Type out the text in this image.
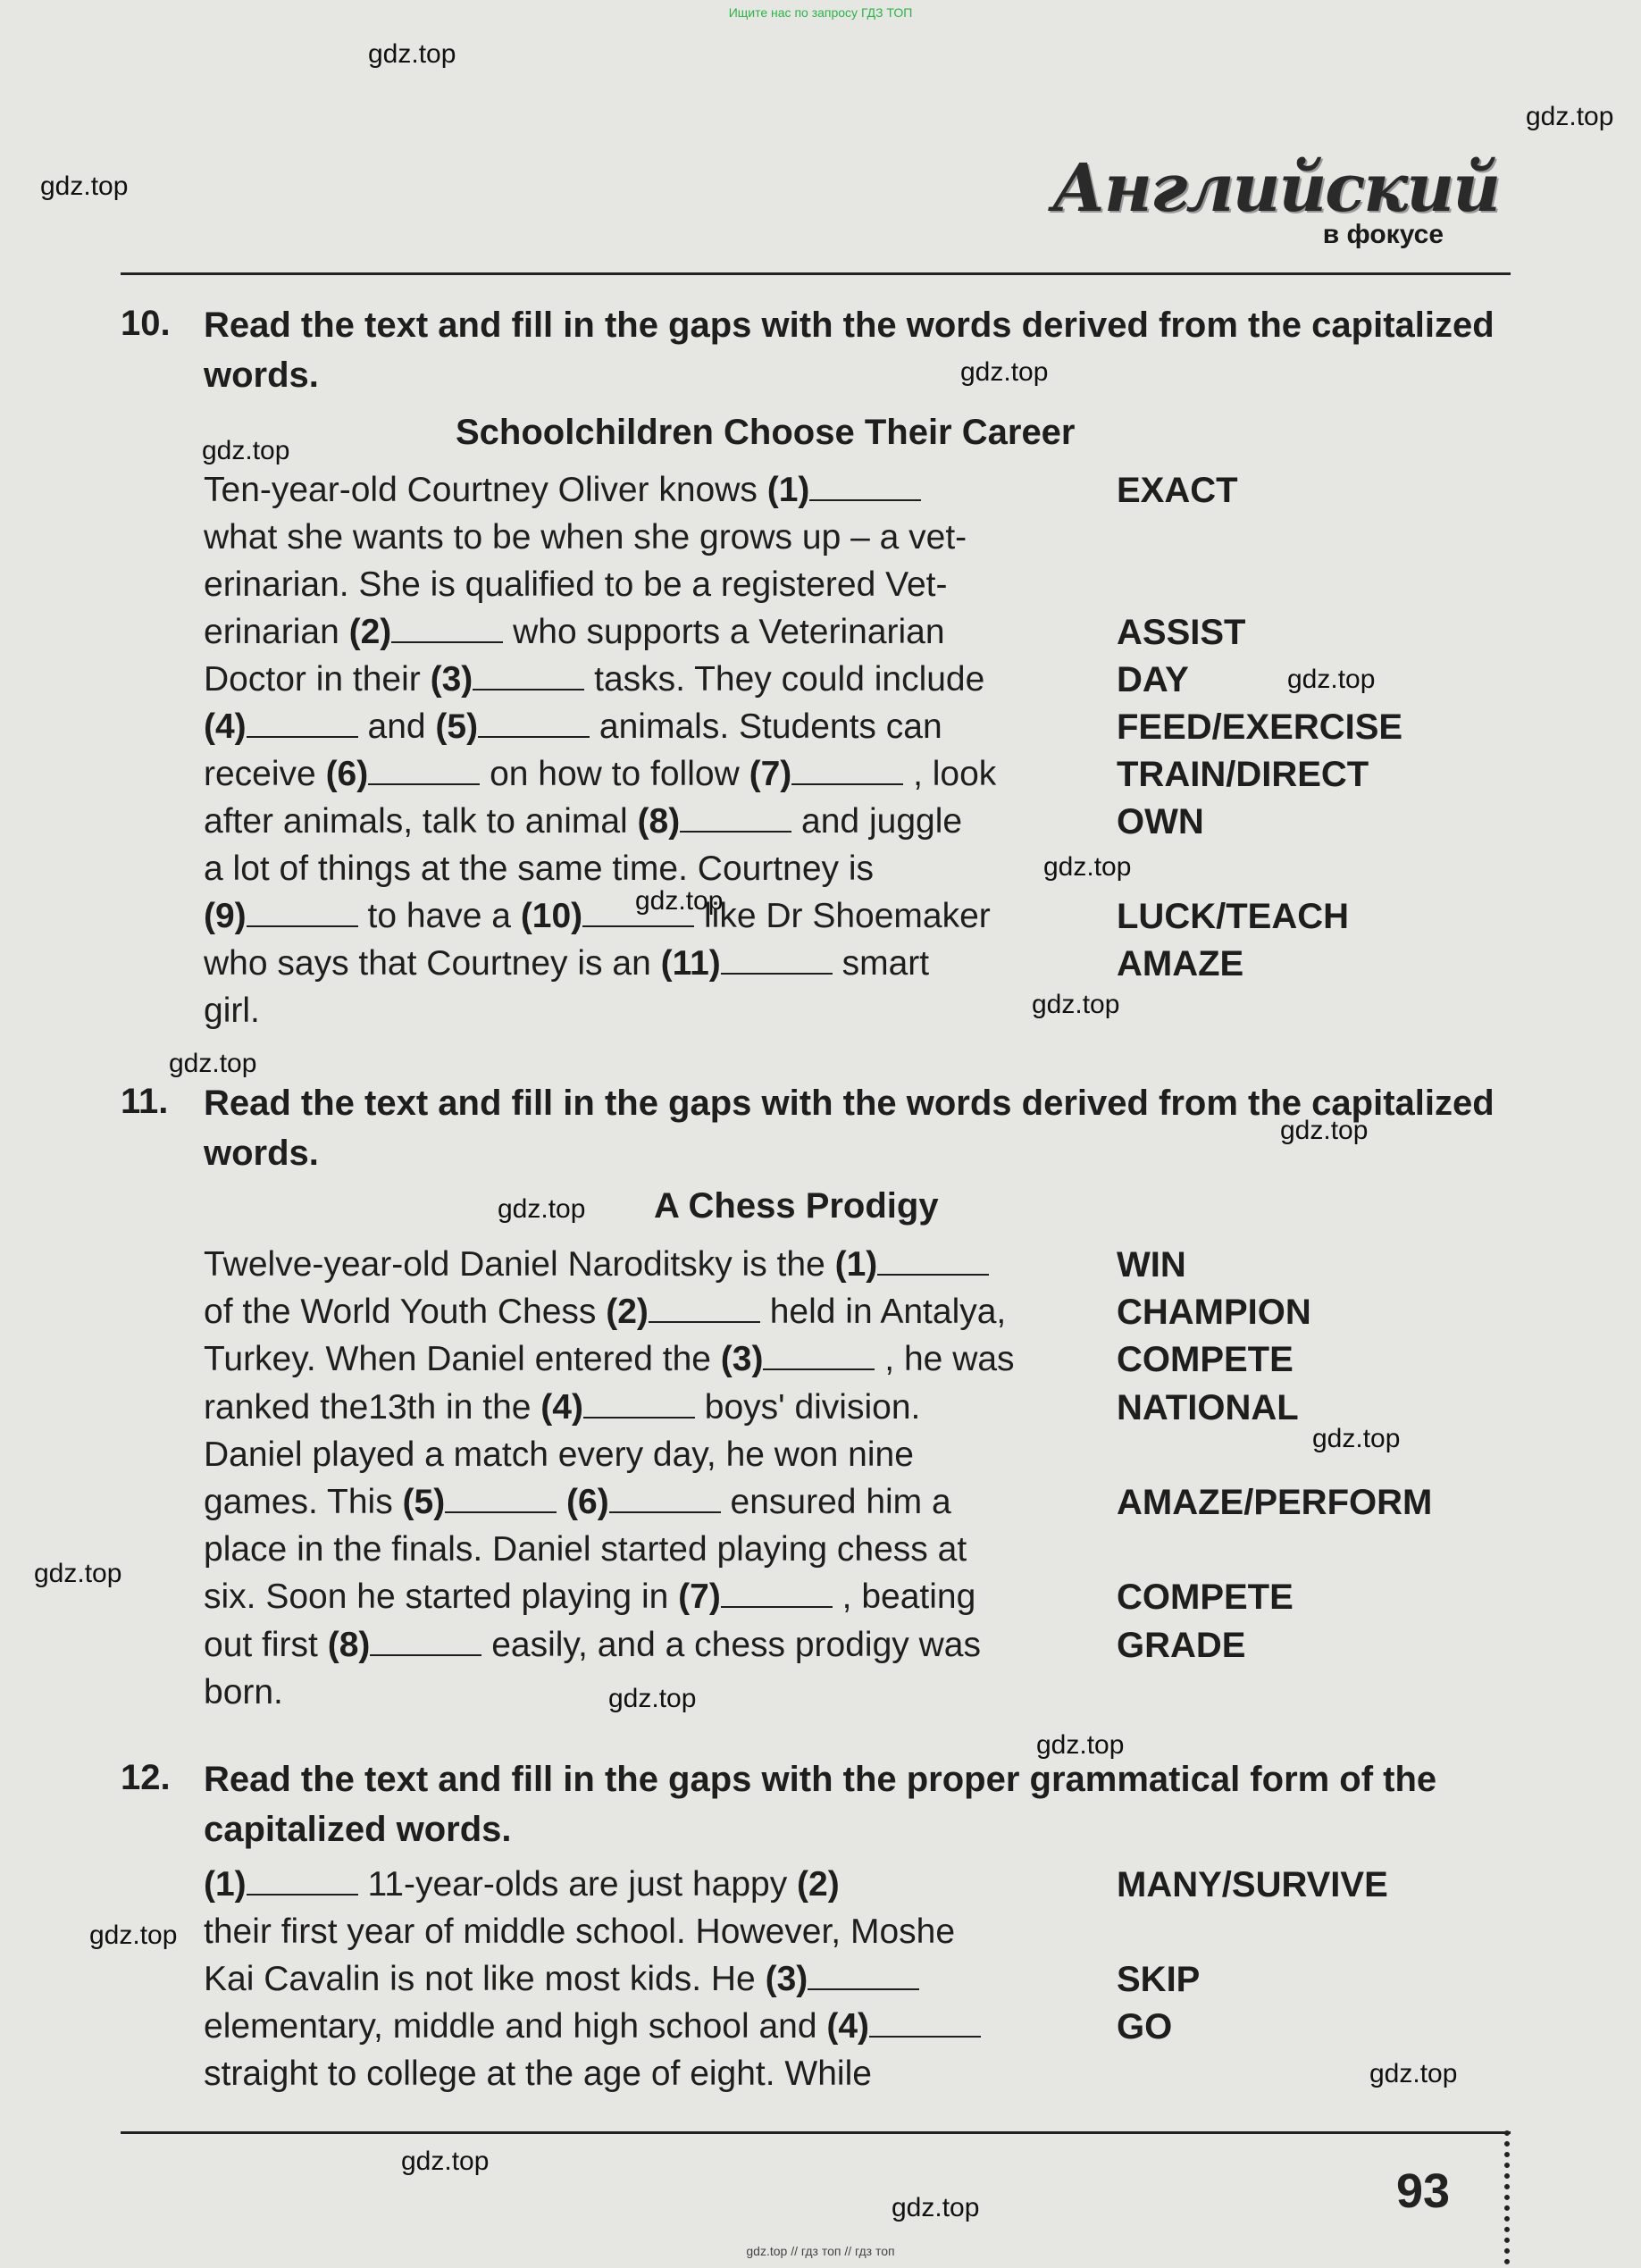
Ищите нас по запросу ГДЗ ТОП
gdz.top
gdz.top
gdz.top
gdz.top
gdz.top
gdz.top
gdz.top
gdz.top
gdz.top
gdz.top
gdz.top
gdz.top
gdz.top
gdz.top
gdz.top
gdz.top
gdz.top
gdz.top
gdz.top
gdz.top
Английский
в фокусе
10. Read the text and fill in the gaps with the words derived from the capitalized words.
Schoolchildren Choose Their Career
Ten-year-old Courtney Oliver knows (1)	EXACT
what she wants to be when she grows up – a vet-
erinarian. She is qualified to be a registered Vet-
erinarian (2)	who supports a Veterinarian	ASSIST
Doctor in their (3)	tasks. They could include	DAY
(4)	and (5)	animals. Students can	FEED/EXERCISE
receive (6)	on how to follow (7)	, look	TRAIN/DIRECT
after animals, talk to animal (8)	and juggle	OWN
a lot of things at the same time. Courtney is
(9)	to have a (10)	like Dr Shoemaker	LUCK/TEACH
who says that Courtney is an (11)	smart	AMAZE
girl.
11. Read the text and fill in the gaps with the words derived from the capitalized words.
A Chess Prodigy
Twelve-year-old Daniel Naroditsky is the (1)	WIN
of the World Youth Chess (2)	held in Antalya,	CHAMPION
Turkey. When Daniel entered the (3)	, he was	COMPETE
ranked the13th in the (4)	boys' division.	NATIONAL
Daniel played a match every day, he won nine
games. This (5)	(6)	ensured him a	AMAZE/PERFORM
place in the finals. Daniel started playing chess at
six. Soon he started playing in (7)	, beating	COMPETE
out first (8)	easily, and a chess prodigy was	GRADE
born.
12. Read the text and fill in the gaps with the proper grammatical form of the capitalized words.
(1)	11-year-olds are just happy (2)	MANY/SURVIVE
their first year of middle school. However, Moshe
Kai Cavalin is not like most kids. He (3)	SKIP
elementary, middle and high school and (4)	GO
straight to college at the age of eight. While
93
gdz.top // гдз топ // гдз топ
